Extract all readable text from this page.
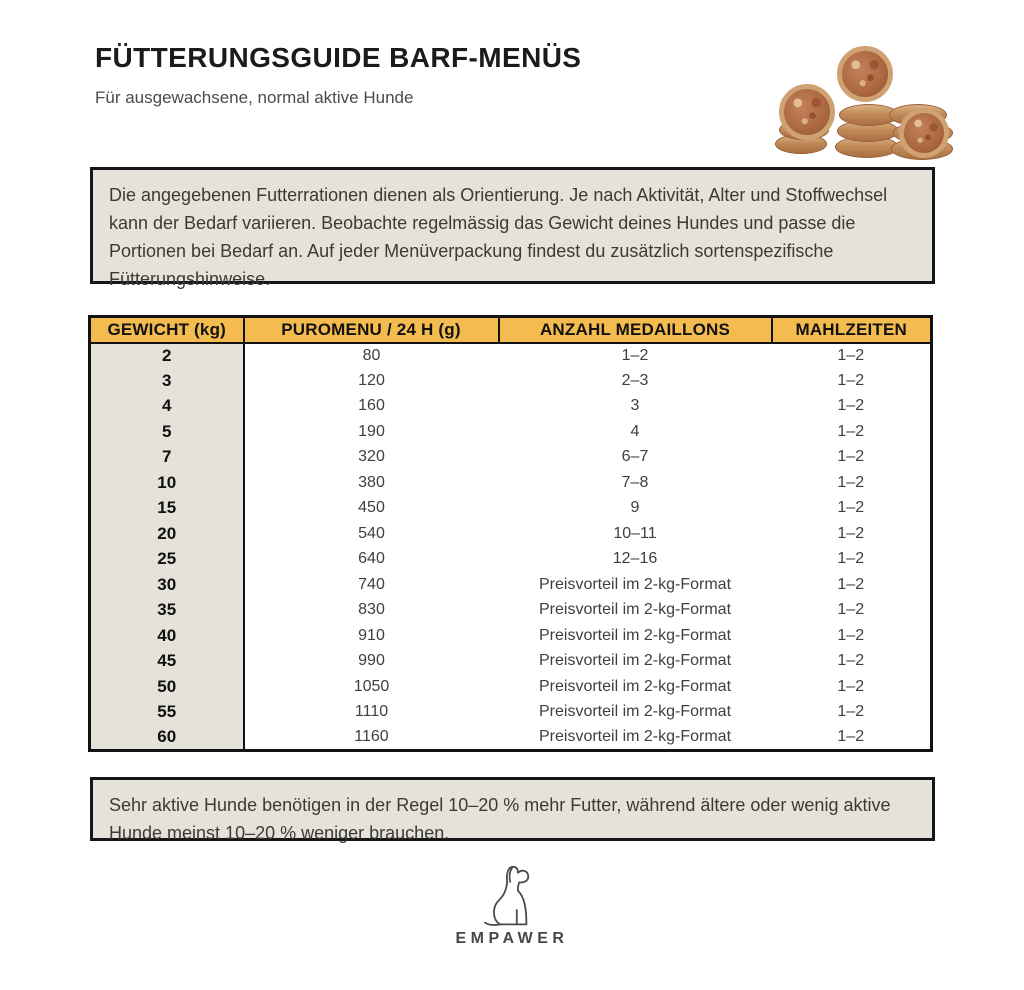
FÜTTERUNGSGUIDE BARF-MENÜS
Für ausgewachsene, normal aktive Hunde
Die angegebenen Futterrationen dienen als Orientierung. Je nach Aktivität, Alter und Stoffwechsel kann der Bedarf variieren. Beobachte regelmässig das Gewicht deines Hundes und passe die Portionen bei Bedarf an. Auf jeder Menüverpackung findest du zusätzlich sortenspezifische Fütterungshinweise.
GEWICHT (kg)	PUROMENU / 24 H (g)	ANZAHL MEDAILLONS	MAHLZEITEN
2	80	1–2	1–2
3	120	2–3	1–2
4	160	3	1–2
5	190	4	1–2
7	320	6–7	1–2
10	380	7–8	1–2
15	450	9	1–2
20	540	10–11	1–2
25	640	12–16	1–2
30	740	Preisvorteil im 2-kg-Format	1–2
35	830	Preisvorteil im 2-kg-Format	1–2
40	910	Preisvorteil im 2-kg-Format	1–2
45	990	Preisvorteil im 2-kg-Format	1–2
50	1050	Preisvorteil im 2-kg-Format	1–2
55	1110	Preisvorteil im 2-kg-Format	1–2
60	1160	Preisvorteil im 2-kg-Format	1–2
Sehr aktive Hunde benötigen in der Regel 10–20 % mehr Futter, während ältere oder wenig aktive Hunde meinst 10–20 % weniger brauchen.
EMPAWER
